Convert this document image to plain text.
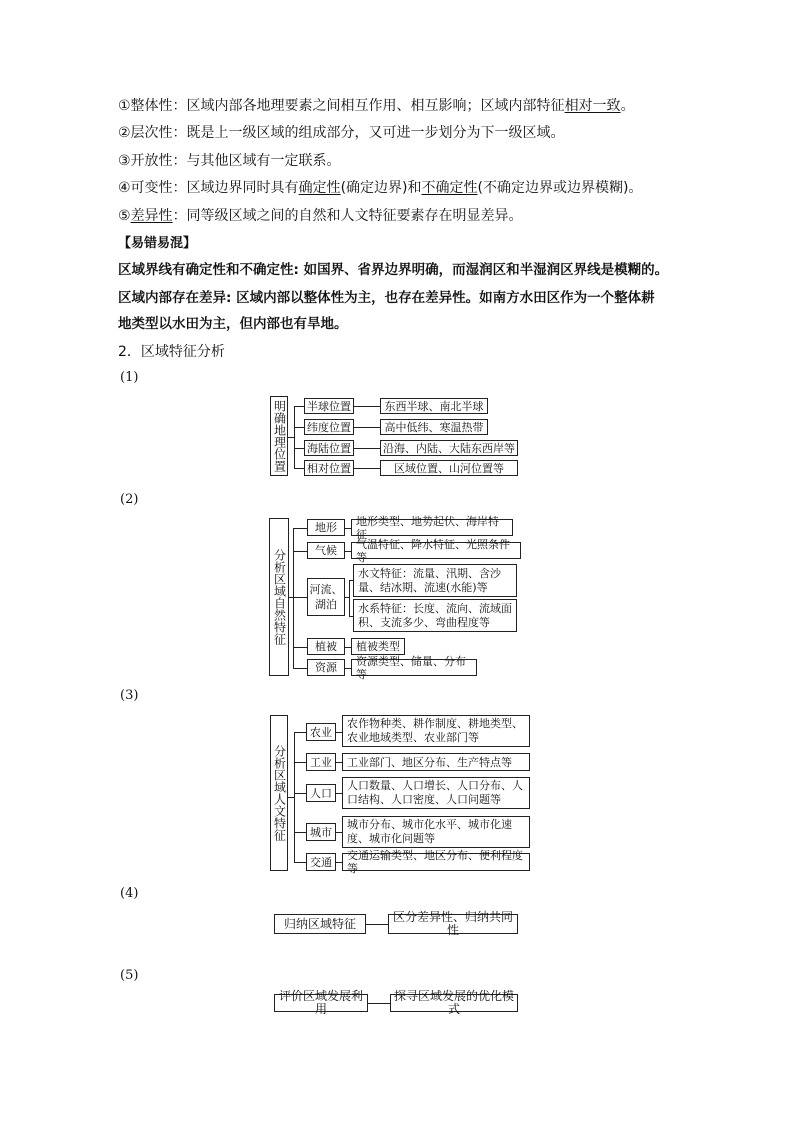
①整体性：区域内部各地理要素之间相互作用、相互影响；区域内部特征相对一致。
②层次性：既是上一级区域的组成部分，又可进一步划分为下一级区域。
③开放性：与其他区域有一定联系。
④可变性：区域边界同时具有确定性(确定边界)和不确定性(不确定边界或边界模糊)。
⑤差异性：同等级区域之间的自然和人文特征要素存在明显差异。
【易错易混】
区域界线有确定性和不确定性: 如国界、省界边界明确，而湿润区和半湿润区界线是模糊的。
区域内部存在差异: 区域内部以整体性为主，也存在差异性。如南方水田区作为一个整体耕
地类型以水田为主，但内部也有旱地。
2．区域特征分析
(1)
明确地理位置 半球位置	东西半球、南北半球
纬度位置	高中低纬、寒温热带
海陆位置	沿海、内陆、大陆东西岸等
相对位置	区域位置、山河位置等
(2)
分析区域自然特征
地形	地形类型、地势起伏、海岸特征
气候	气温特征、降水特征、光照条件等
河流、湖泊
水文特征：流量、汛期、含沙量、结冰期、流速(水能)等
水系特征：长度、流向、流域面积、支流多少、弯曲程度等
植被	植被类型
资源	资源类型、储量、分布等
(3)
分析区域人文特征
农业
农作物种类、耕作制度、耕地类型、农业地域类型、农业部门等
工业	工业部门、地区分布、生产特点等
人口
人口数量、人口增长、人口分布、人口结构、人口密度、人口问题等
城市
城市分布、城市化水平、城市化速度、城市化问题等
交通	交通运输类型、地区分布、便利程度等
(4)
归纳区域特征	区分差异性、归纳共同性
(5)
评价区域发展利用
探寻区域发展的优化模式
